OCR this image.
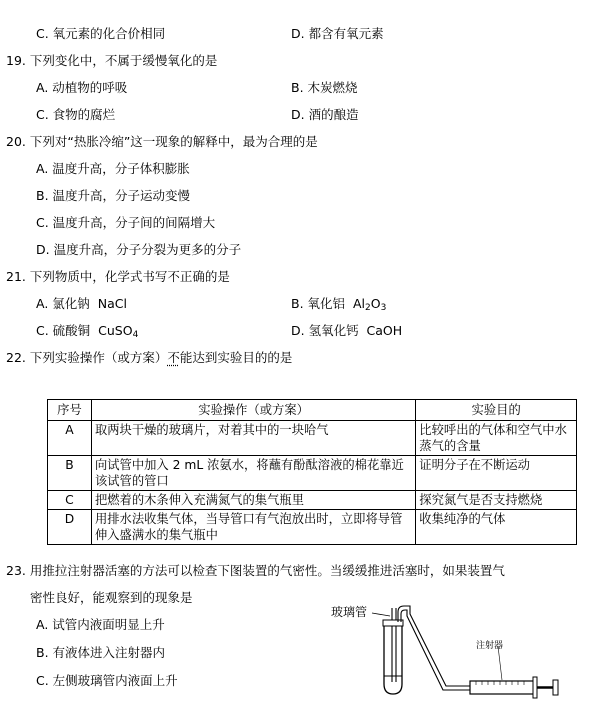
C. 氧元素的化合价相同	D. 都含有氧元素
19. 下列变化中，不属于缓慢氧化的是
A. 动植物的呼吸	B. 木炭燃烧
C. 食物的腐烂	D. 酒的酿造
20. 下列对“热胀冷缩”这一现象的解释中，最为合理的是
A. 温度升高，分子体积膨胀
B. 温度升高，分子运动变慢
C. 温度升高，分子间的间隔增大
D. 温度升高，分子分裂为更多的分子
21. 下列物质中，化学式书写不正确的是
A. 氯化钠 NaCl	B. 氧化铝 $Al_2O_3$
C. 硫酸铜 CuSO$_4$	D. 氢氧化钙 CaOH
22. 下列实验操作（或方案）不能达到实验目的的是
序号	实验操作（或方案）	实验目的
A	取两块干燥的玻璃片，对着其中的一块哈气	比较呼出的气体和空气中水蒸气的含量
B	向试管中加入 2 mL 浓氨水，将蘸有酚酞溶液的棉花靠近该试管的管口	证明分子在不断运动
C	把燃着的木条伸入充满氮气的集气瓶里	探究氮气是否支持燃烧
D	用排水法收集气体，当导管口有气泡放出时，立即将导管伸入盛满水的集气瓶中	收集纯净的气体
23. 用推拉注射器活塞的方法可以检查下图装置的气密性。当缓缓推进活塞时，如果装置气
密性良好，能观察到的现象是
A. 试管内液面明显上升
B. 有液体进入注射器内
C. 左侧玻璃管内液面上升
玻璃管
注射器
